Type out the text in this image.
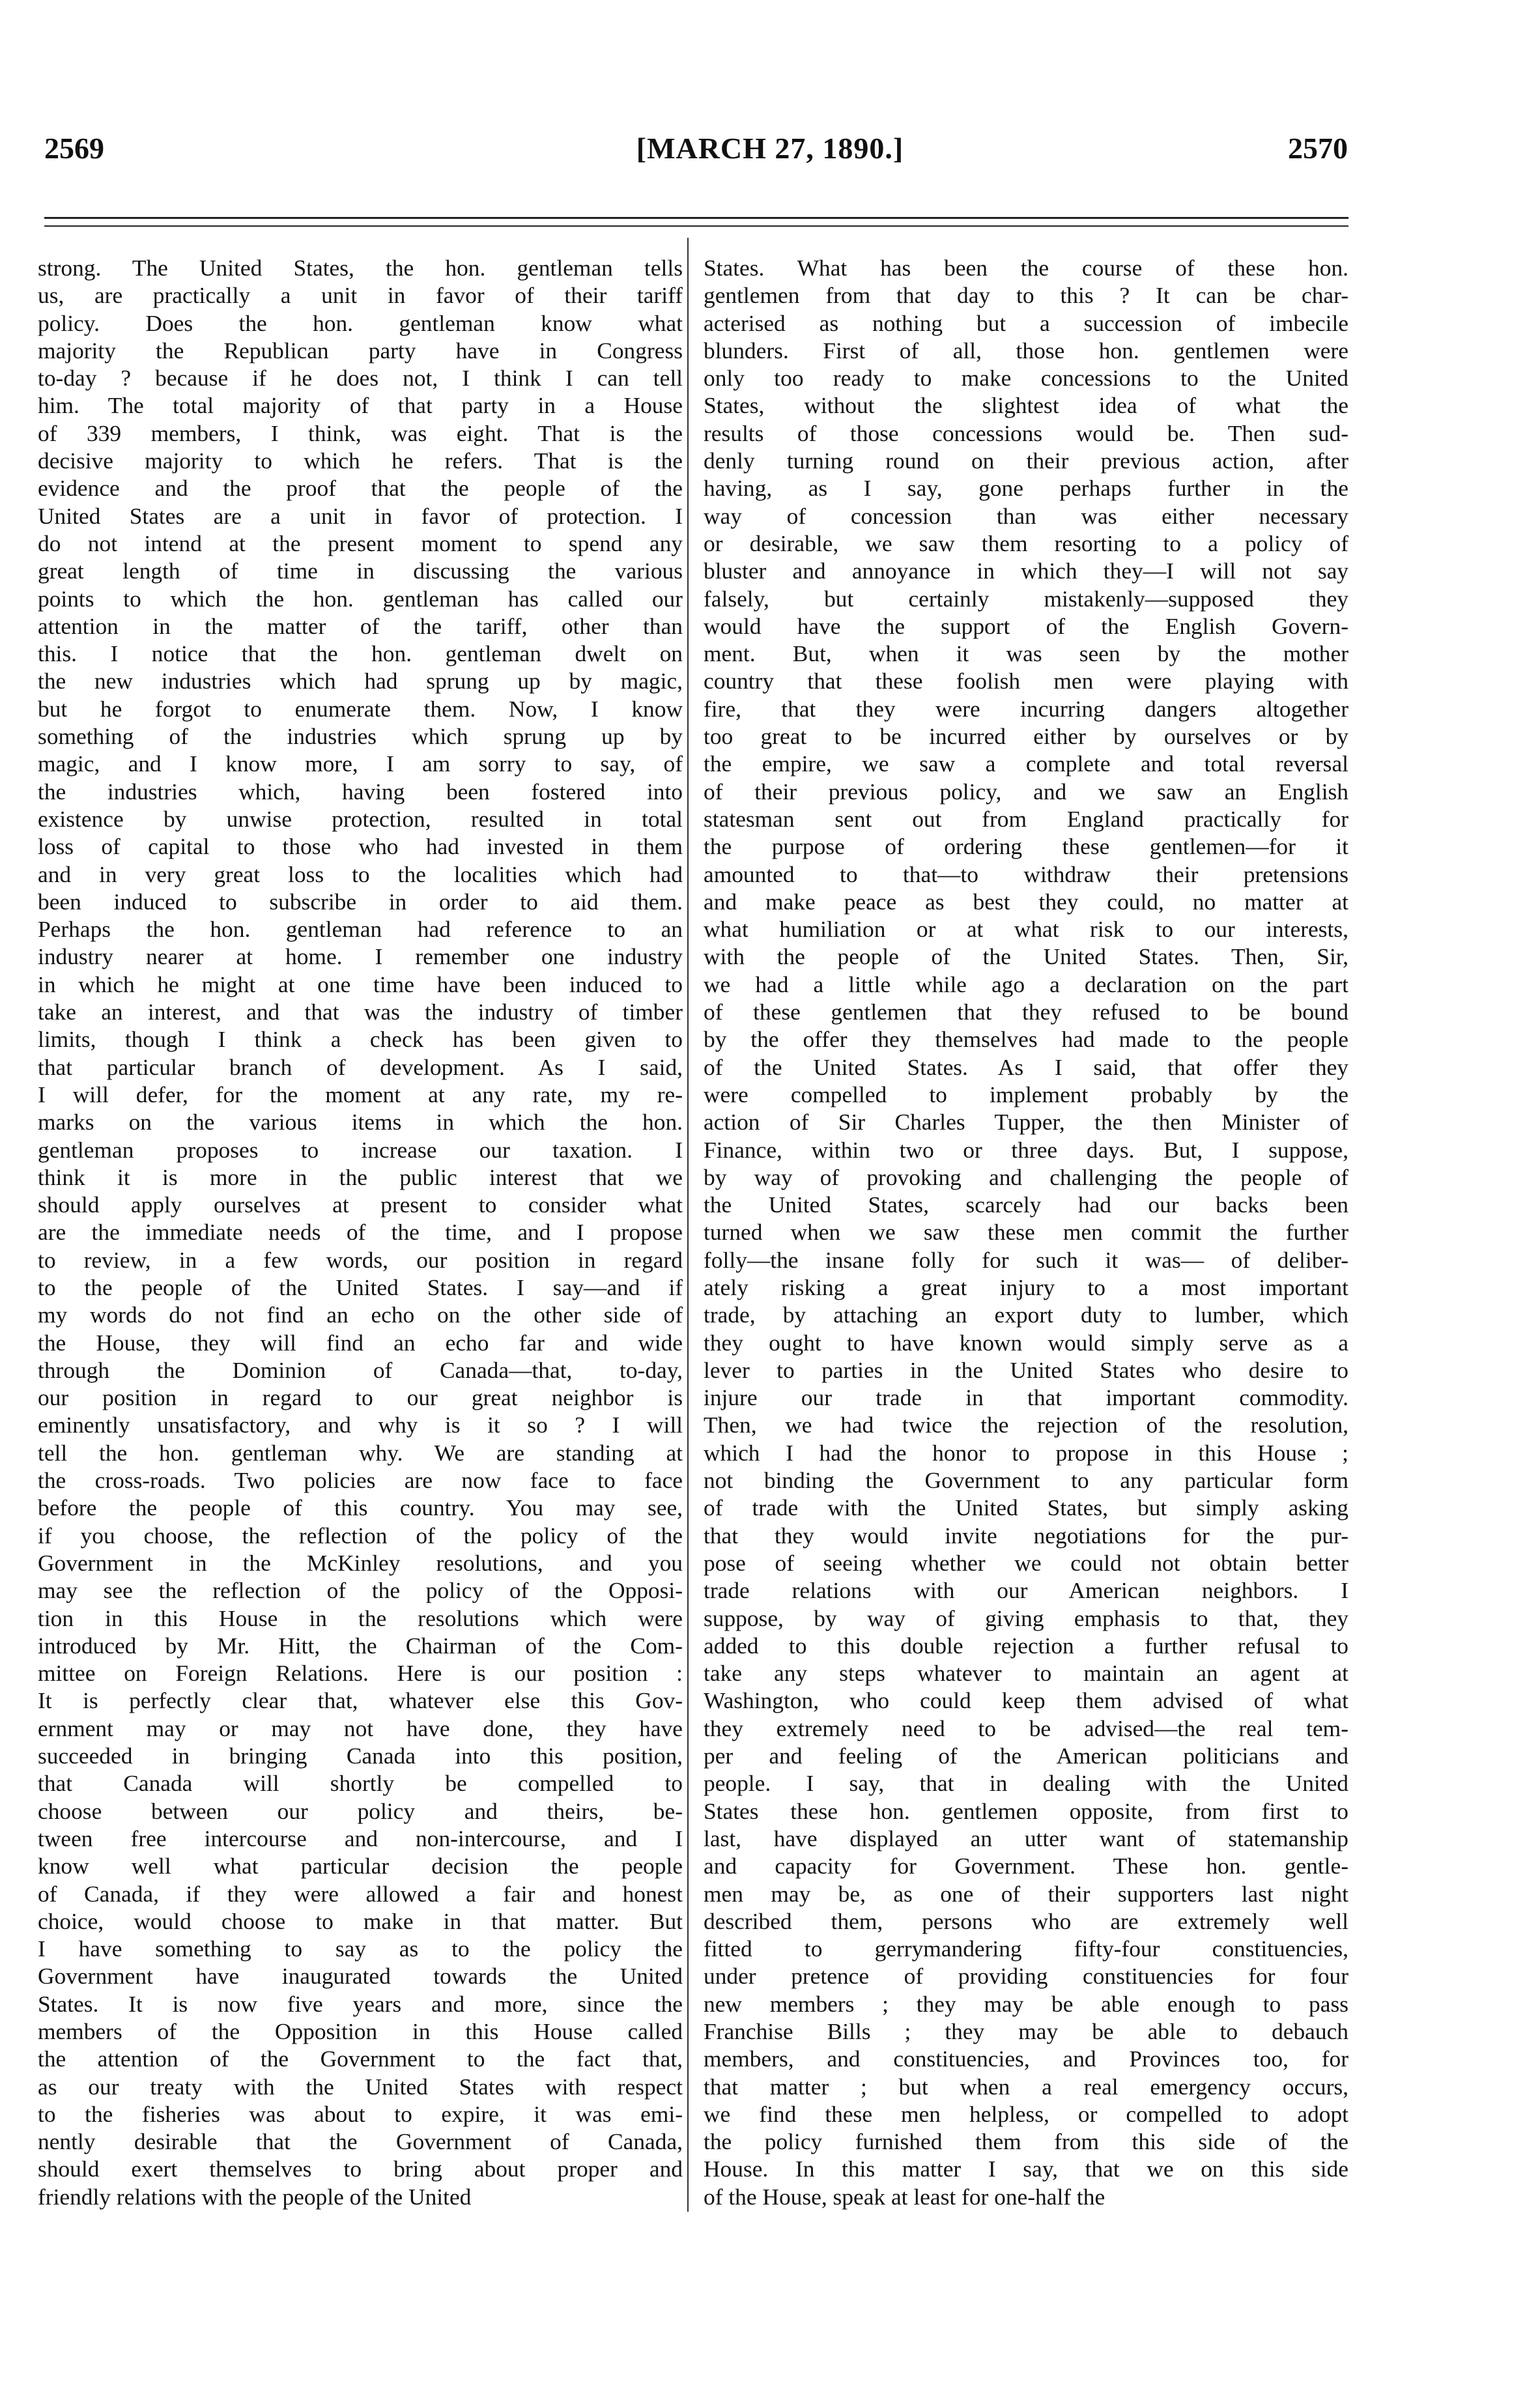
[MARCH 27, 1890.]
2569	2570
strong. The United States, the hon. gentleman tells
us, are practically a unit in favor of their tariff
policy. Does the hon. gentleman know what
majority the Republican party have in Congress
to-day ? because if he does not, I think I can tell
him. The total majority of that party in a House
of 339 members, I think, was eight. That is the
decisive majority to which he refers. That is the
evidence and the proof that the people of the
United States are a unit in favor of protection. I
do not intend at the present moment to spend any
great length of time in discussing the various
points to which the hon. gentleman has called our
attention in the matter of the tariff, other than
this. I notice that the hon. gentleman dwelt on
the new industries which had sprung up by magic,
but he forgot to enumerate them. Now, I know
something of the industries which sprung up by
magic, and I know more, I am sorry to say, of
the industries which, having been fostered into
existence by unwise protection, resulted in total
loss of capital to those who had invested in them
and in very great loss to the localities which had
been induced to subscribe in order to aid them.
Perhaps the hon. gentleman had reference to an
industry nearer at home. I remember one industry
in which he might at one time have been induced to
take an interest, and that was the industry of timber
limits, though I think a check has been given to
that particular branch of development. As I said,
I will defer, for the moment at any rate, my re-
marks on the various items in which the hon.
gentleman proposes to increase our taxation. I
think it is more in the public interest that we
should apply ourselves at present to consider what
are the immediate needs of the time, and I propose
to review, in a few words, our position in regard
to the people of the United States. I say—and if
my words do not find an echo on the other side of
the House, they will find an echo far and wide
through the Dominion of Canada—that, to-day,
our position in regard to our great neighbor is
eminently unsatisfactory, and why is it so ? I will
tell the hon. gentleman why. We are standing at
the cross-roads. Two policies are now face to face
before the people of this country. You may see,
if you choose, the reflection of the policy of the
Government in the McKinley resolutions, and you
may see the reflection of the policy of the Opposi-
tion in this House in the resolutions which were
introduced by Mr. Hitt, the Chairman of the Com-
mittee on Foreign Relations. Here is our position :
It is perfectly clear that, whatever else this Gov-
ernment may or may not have done, they have
succeeded in bringing Canada into this position,
that Canada will shortly be compelled to
choose between our policy and theirs, be-
tween free intercourse and non-intercourse, and I
know well what particular decision the people
of Canada, if they were allowed a fair and honest
choice, would choose to make in that matter. But
I have something to say as to the policy the
Government have inaugurated towards the United
States. It is now five years and more, since the
members of the Opposition in this House called
the attention of the Government to the fact that,
as our treaty with the United States with respect
to the fisheries was about to expire, it was emi-
nently desirable that the Government of Canada,
should exert themselves to bring about proper and
friendly relations with the people of the United
States. What has been the course of these hon.
gentlemen from that day to this ? It can be char-
acterised as nothing but a succession of imbecile
blunders. First of all, those hon. gentlemen were
only too ready to make concessions to the United
States, without the slightest idea of what the
results of those concessions would be. Then sud-
denly turning round on their previous action, after
having, as I say, gone perhaps further in the
way of concession than was either necessary
or desirable, we saw them resorting to a policy of
bluster and annoyance in which they—I will not say
falsely, but certainly mistakenly—supposed they
would have the support of the English Govern-
ment. But, when it was seen by the mother
country that these foolish men were playing with
fire, that they were incurring dangers altogether
too great to be incurred either by ourselves or by
the empire, we saw a complete and total reversal
of their previous policy, and we saw an English
statesman sent out from England practically for
the purpose of ordering these gentlemen—for it
amounted to that—to withdraw their pretensions
and make peace as best they could, no matter at
what humiliation or at what risk to our interests,
with the people of the United States. Then, Sir,
we had a little while ago a declaration on the part
of these gentlemen that they refused to be bound
by the offer they themselves had made to the people
of the United States. As I said, that offer they
were compelled to implement probably by the
action of Sir Charles Tupper, the then Minister of
Finance, within two or three days. But, I suppose,
by way of provoking and challenging the people of
the United States, scarcely had our backs been
turned when we saw these men commit the further
folly—the insane folly for such it was— of deliber-
ately risking a great injury to a most important
trade, by attaching an export duty to lumber, which
they ought to have known would simply serve as a
lever to parties in the United States who desire to
injure our trade in that important commodity.
Then, we had twice the rejection of the resolution,
which I had the honor to propose in this House ;
not binding the Government to any particular form
of trade with the United States, but simply asking
that they would invite negotiations for the pur-
pose of seeing whether we could not obtain better
trade relations with our American neighbors. I
suppose, by way of giving emphasis to that, they
added to this double rejection a further refusal to
take any steps whatever to maintain an agent at
Washington, who could keep them advised of what
they extremely need to be advised—the real tem-
per and feeling of the American politicians and
people. I say, that in dealing with the United
States these hon. gentlemen opposite, from first to
last, have displayed an utter want of statemanship
and capacity for Government. These hon. gentle-
men may be, as one of their supporters last night
described them, persons who are extremely well
fitted to gerrymandering fifty-four constituencies,
under pretence of providing constituencies for four
new members ; they may be able enough to pass
Franchise Bills ; they may be able to debauch
members, and constituencies, and Provinces too, for
that matter ; but when a real emergency occurs,
we find these men helpless, or compelled to adopt
the policy furnished them from this side of the
House. In this matter I say, that we on this side
of the House, speak at least for one-half the
